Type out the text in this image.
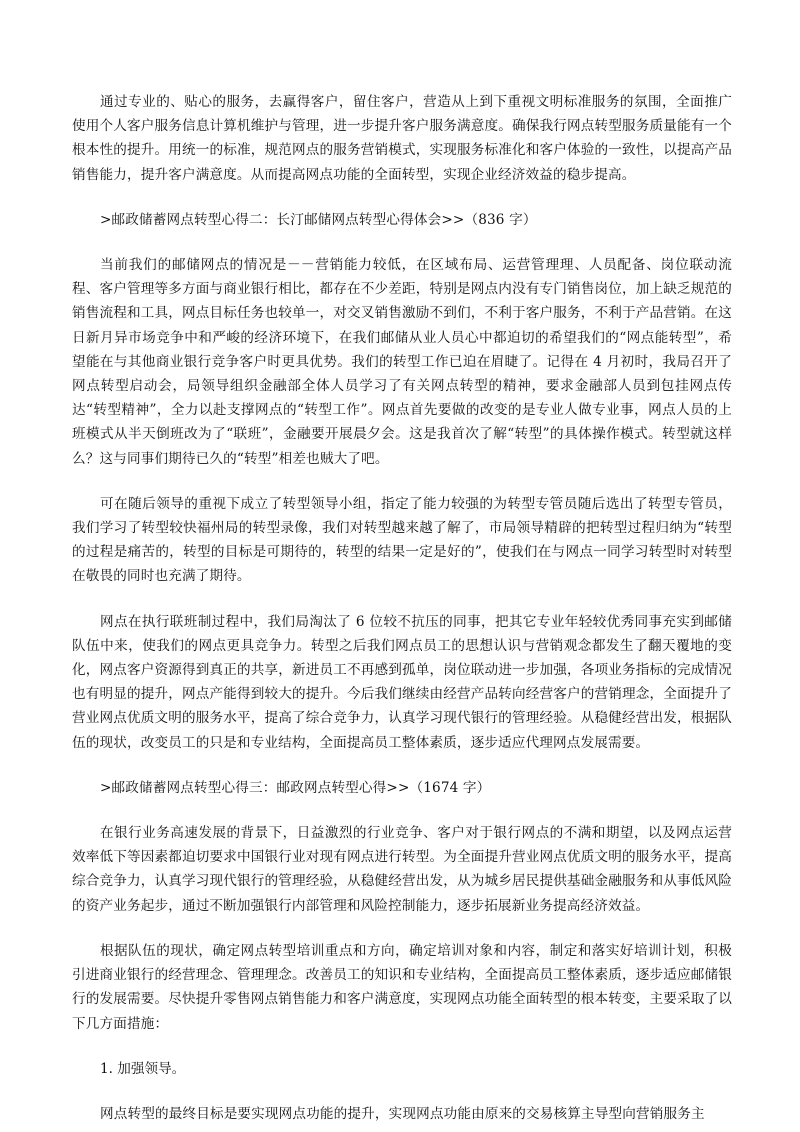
通过专业的、贴心的服务，去赢得客户，留住客户，营造从上到下重视文明标准服务的氛围，全面推广使用个人客户服务信息计算机维护与管理，进一步提升客户服务满意度。确保我行网点转型服务质量能有一个根本性的提升。用统一的标准，规范网点的服务营销模式，实现服务标准化和客户体验的一致性，以提高产品销售能力，提升客户满意度。从而提高网点功能的全面转型，实现企业经济效益的稳步提高。

>邮政储蓄网点转型心得二：长汀邮储网点转型心得体会>>（836 字）

当前我们的邮储网点的情况是－－营销能力较低，在区域布局、运营管理理、人员配备、岗位联动流程、客户管理等多方面与商业银行相比，都存在不少差距，特别是网点内没有专门销售岗位，加上缺乏规范的销售流程和工具，网点目标任务也较单一，对交叉销售激励不到们，不利于客户服务，不利于产品营销。在这日新月异市场竞争中和严峻的经济环境下，在我们邮储从业人员心中都迫切的希望我们的“网点能转型”，希望能在与其他商业银行竞争客户时更具优势。我们的转型工作已迫在眉睫了。记得在 4 月初时，我局召开了网点转型启动会，局领导组织金融部全体人员学习了有关网点转型的精神，要求金融部人员到包挂网点传达“转型精神”，全力以赴支撑网点的“转型工作”。网点首先要做的改变的是专业人做专业事，网点人员的上班模式从半天倒班改为了“联班”，金融要开展晨夕会。这是我首次了解“转型”的具体操作模式。转型就这样么？这与同事们期待已久的“转型”相差也贼大了吧。

可在随后领导的重视下成立了转型领导小组，指定了能力较强的为转型专管员随后选出了转型专管员，我们学习了转型较快福州局的转型录像，我们对转型越来越了解了，市局领导精辟的把转型过程归纳为“转型的过程是痛苦的，转型的目标是可期待的，转型的结果一定是好的”，使我们在与网点一同学习转型时对转型在敬畏的同时也充满了期待。

网点在执行联班制过程中，我们局淘汰了 6 位较不抗压的同事，把其它专业年轻较优秀同事充实到邮储队伍中来，使我们的网点更具竞争力。转型之后我们网点员工的思想认识与营销观念都发生了翻天覆地的变化，网点客户资源得到真正的共享，新进员工不再感到孤单，岗位联动进一步加强，各项业务指标的完成情况也有明显的提升，网点产能得到较大的提升。今后我们继续由经营产品转向经营客户的营销理念，全面提升了营业网点优质文明的服务水平，提高了综合竞争力，认真学习现代银行的管理经验。从稳健经营出发，根据队伍的现状，改变员工的只是和专业结构，全面提高员工整体素质，逐步适应代理网点发展需要。

>邮政储蓄网点转型心得三：邮政网点转型心得>>（1674 字）

在银行业务高速发展的背景下，日益激烈的行业竞争、客户对于银行网点的不满和期望，以及网点运营效率低下等因素都迫切要求中国银行业对现有网点进行转型。为全面提升营业网点优质文明的服务水平，提高综合竞争力，认真学习现代银行的管理经验，从稳健经营出发，从为城乡居民提供基础金融服务和从事低风险的资产业务起步，通过不断加强银行内部管理和风险控制能力，逐步拓展新业务提高经济效益。

根据队伍的现状，确定网点转型培训重点和方向，确定培训对象和内容，制定和落实好培训计划，积极引进商业银行的经营理念、管理理念。改善员工的知识和专业结构，全面提高员工整体素质，逐步适应邮储银行的发展需要。尽快提升零售网点销售能力和客户满意度，实现网点功能全面转型的根本转变，主要采取了以下几方面措施：

1. 加强领导。

网点转型的最终目标是要实现网点功能的提升，实现网点功能由原来的交易核算主导型向营销服务主
